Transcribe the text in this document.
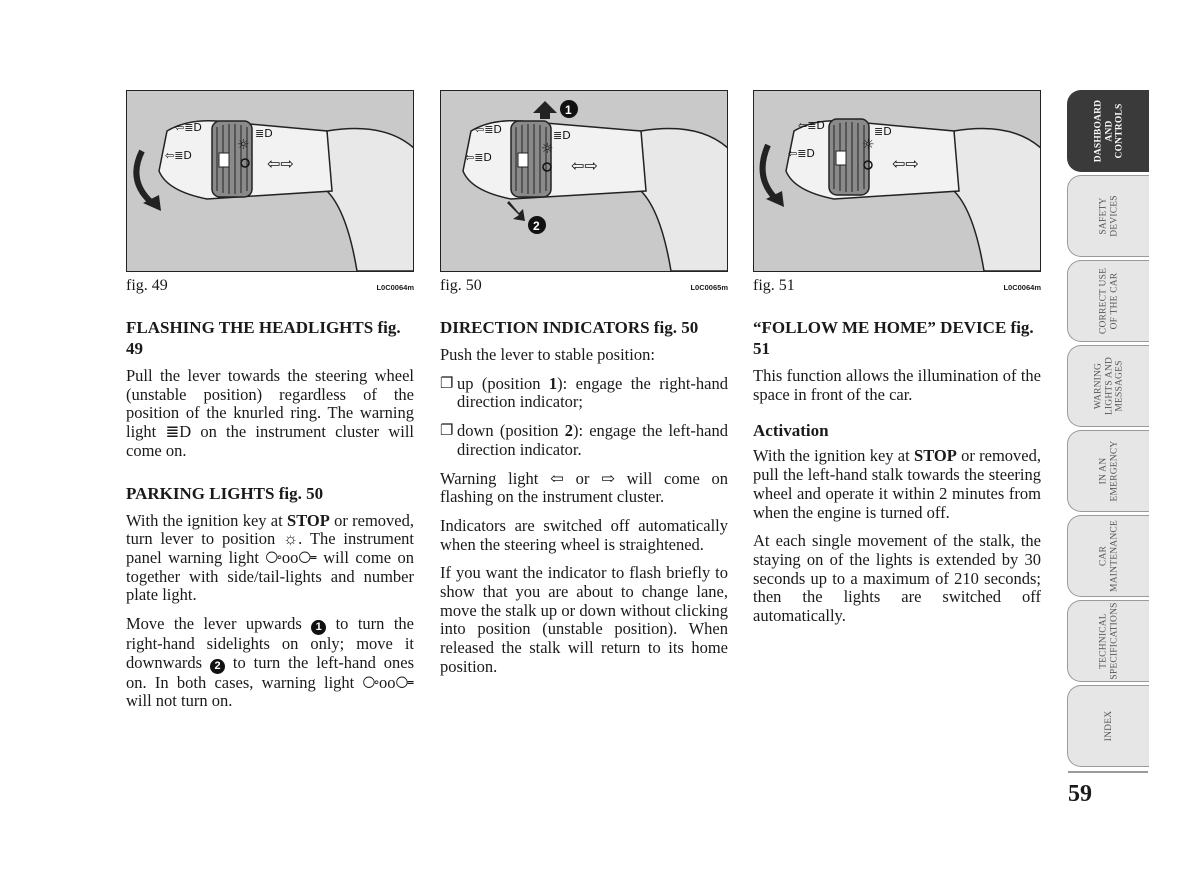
⇦≣D
⇦≣D
≣D
☼
⇦⇨
fig. 49	L0C0064m
FLASHING THE HEADLIGHTS fig. 49

Pull the lever towards the steering wheel (unstable position) regardless of the position of the knurled ring. The warning light ≣D on the instrument cluster will come on.

PARKING LIGHTS fig. 50

With the ignition key at STOP or removed, turn lever to position ☼. The instrument panel warning light ⧂oo⧃ will come on together with side/tail-lights and number plate light.

Move the lever upwards 1 to turn the right-hand sidelights on only; move it downwards 2 to turn the left-hand ones on. In both cases, warning light ⧂oo⧃ will not turn on.

⇦≣D
⇦≣D
≣D
☼
⇦⇨
1
2
fig. 50	L0C0065m
DIRECTION INDICATORS fig. 50

Push the lever to stable position:

❐ up (position 1): engage the right-hand direction indicator;

❐ down (position 2): engage the left-hand direction indicator.

Warning light ⇦ or ⇨ will come on flashing on the instrument cluster.

Indicators are switched off automatically when the steering wheel is straightened.

If you want the indicator to flash briefly to show that you are about to change lane, move the stalk up or down without clicking into position (unstable position). When released the stalk will return to its home position.

⇦≣D
⇦≣D
≣D
☼
⇦⇨
fig. 51	L0C0064m
“FOLLOW ME HOME” DEVICE fig. 51

This function allows the illumination of the space in front of the car.

Activation

With the ignition key at STOP or removed, pull the left-hand stalk towards the steering wheel and operate it within 2 minutes from when the engine is turned off.

At each single movement of the stalk, the staying on of the lights is extended by 30 seconds up to a maximum of 210 seconds; then the lights are switched off automatically.

DASHBOARD AND CONTROLS
SAFETY DEVICES
CORRECT USE OF THE CAR
WARNING LIGHTS AND MESSAGES
IN AN EMERGENCY
CAR MAINTENANCE
TECHNICAL SPECIFICATIONS
INDEX
59
